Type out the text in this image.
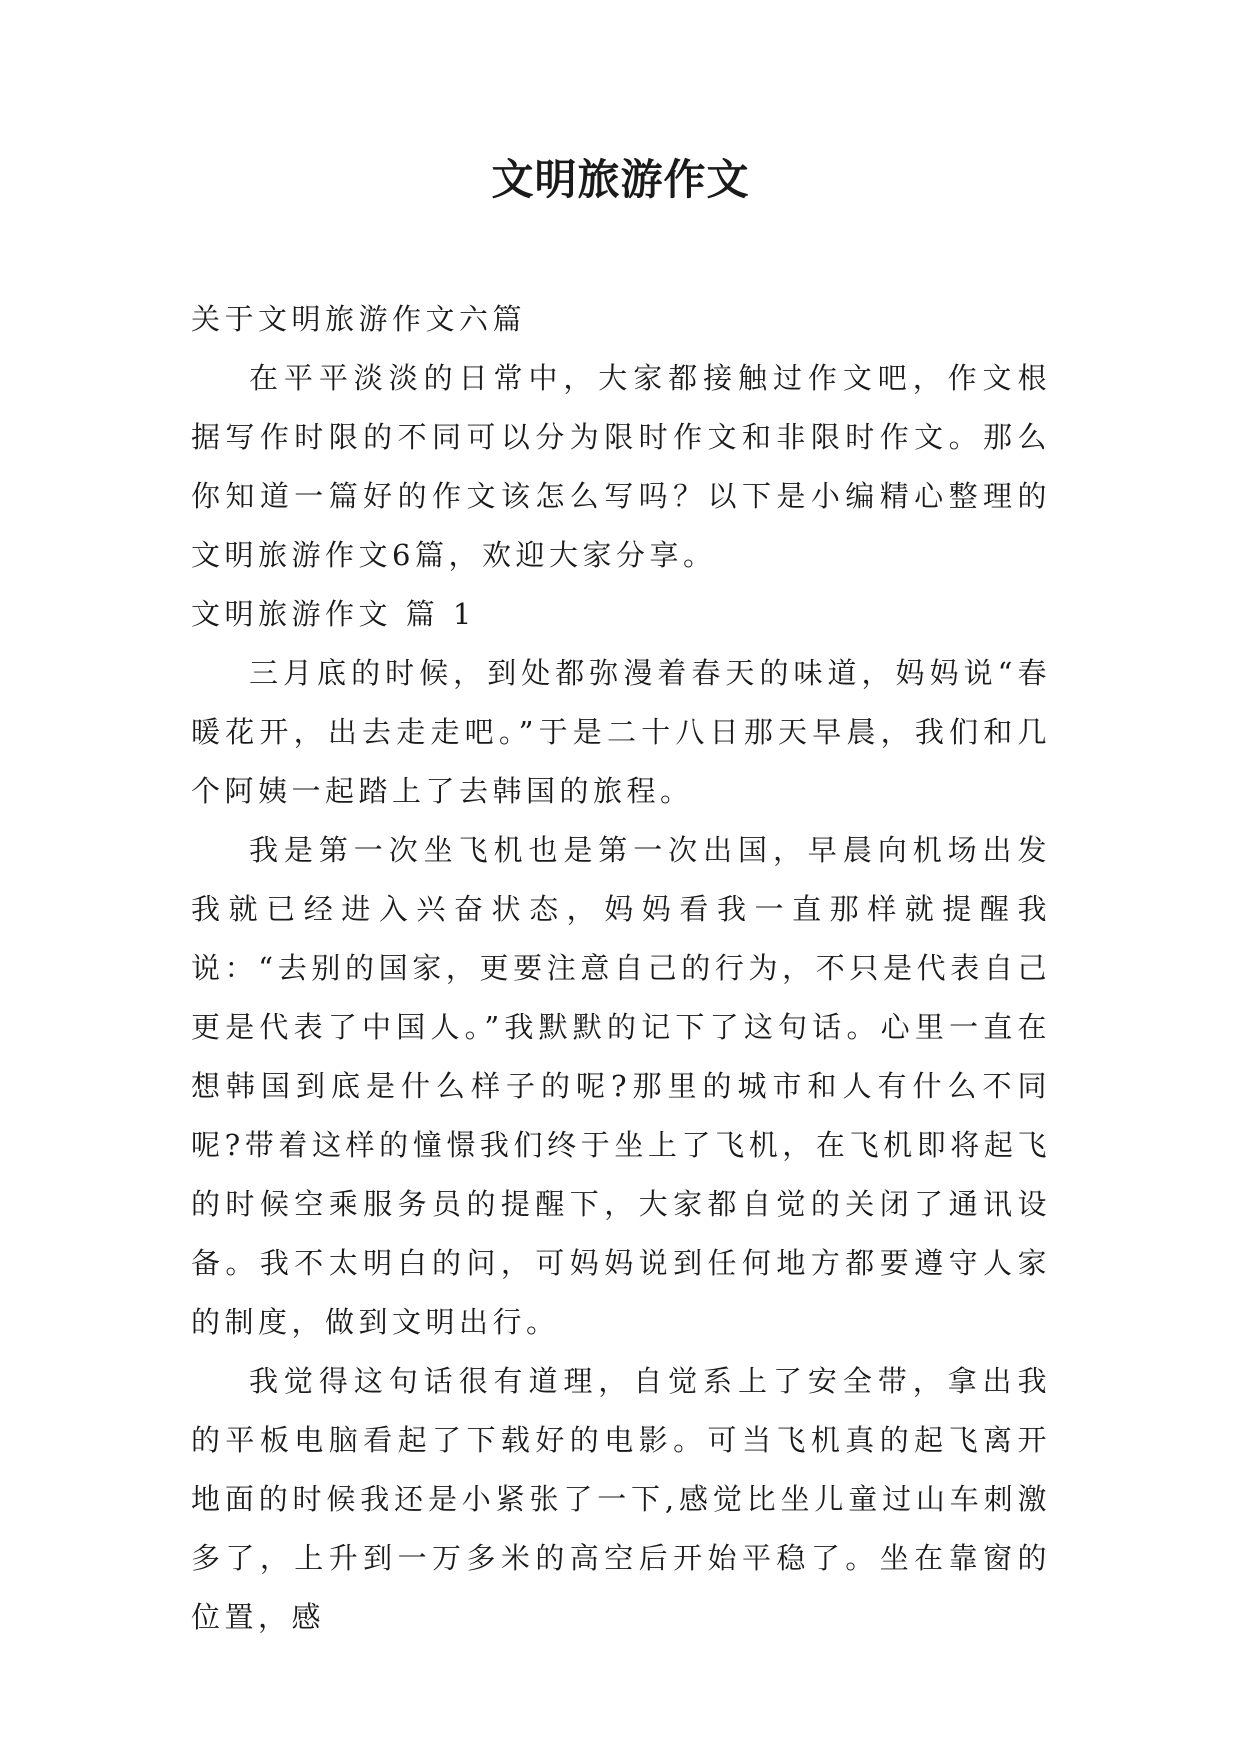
文明旅游作文

关于文明旅游作文六篇

在平平淡淡的日常中，大家都接触过作文吧，作文根据写作时限的不同可以分为限时作文和非限时作文。那么你知道一篇好的作文该怎么写吗？以下是小编精心整理的文明旅游作文6篇，欢迎大家分享。

文明旅游作文 篇 1

三月底的时候，到处都弥漫着春天的味道，妈妈说“春暖花开，出去走走吧。”于是二十八日那天早晨，我们和几个阿姨一起踏上了去韩国的旅程。

我是第一次坐飞机也是第一次出国，早晨向机场出发我就已经进入兴奋状态，妈妈看我一直那样就提醒我说：“去别的国家，更要注意自己的行为，不只是代表自己更是代表了中国人。”我默默的记下了这句话。心里一直在想韩国到底是什么样子的呢?那里的城市和人有什么不同呢?带着这样的憧憬我们终于坐上了飞机，在飞机即将起飞的时候空乘服务员的提醒下，大家都自觉的关闭了通讯设备。我不太明白的问，可妈妈说到任何地方都要遵守人家的制度，做到文明出行。

我觉得这句话很有道理，自觉系上了安全带，拿出我的平板电脑看起了下载好的电影。可当飞机真的起飞离开地面的时候我还是小紧张了一下,感觉比坐儿童过山车刺激多了，上升到一万多米的高空后开始平稳了。坐在靠窗的位置，感
